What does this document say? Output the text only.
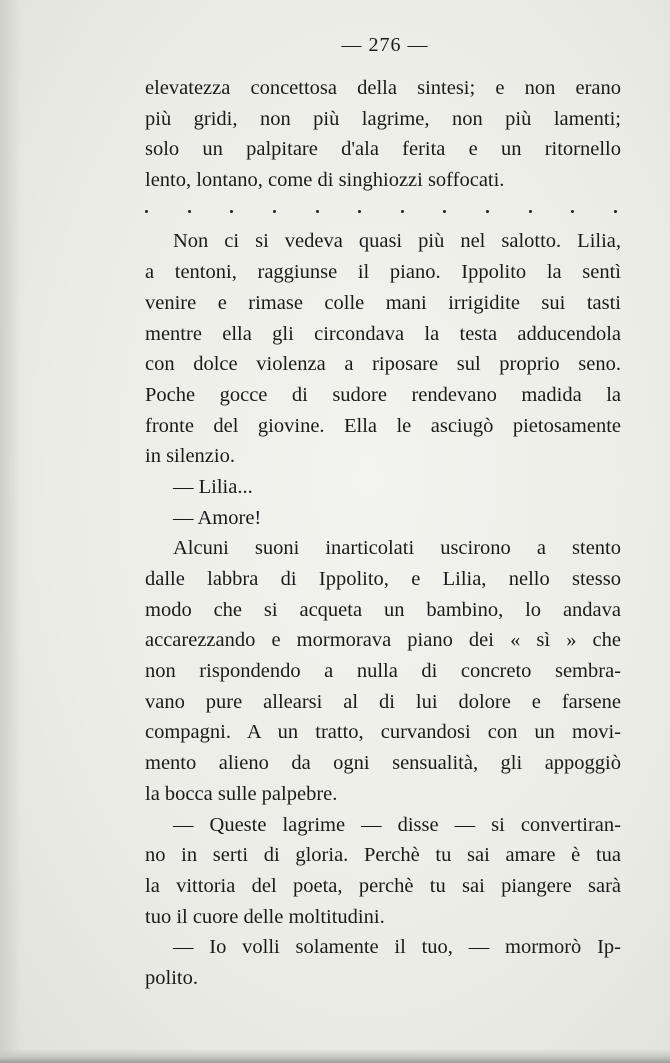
— 276 —
elevatezza concettosa della sintesi; e non erano
più gridi, non più lagrime, non più lamenti;
solo un palpitare d'ala ferita e un ritornello
lento, lontano, come di singhiozzi soffocati.
Non ci si vedeva quasi più nel salotto. Lilia,
a tentoni, raggiunse il piano. Ippolito la sentì
venire e rimase colle mani irrigidite sui tasti
mentre ella gli circondava la testa adducendola
con dolce violenza a riposare sul proprio seno.
Poche gocce di sudore rendevano madida la
fronte del giovine. Ella le asciugò pietosamente
in silenzio.
— Lilia...
— Amore!
Alcuni suoni inarticolati uscirono a stento
dalle labbra di Ippolito, e Lilia, nello stesso
modo che si acqueta un bambino, lo andava
accarezzando e mormorava piano dei « sì » che
non rispondendo a nulla di concreto sembra-
vano pure allearsi al di lui dolore e farsene
compagni. A un tratto, curvandosi con un movi-
mento alieno da ogni sensualità, gli appoggiò
la bocca sulle palpebre.
— Queste lagrime — disse — si convertiran-
no in serti di gloria. Perchè tu sai amare è tua
la vittoria del poeta, perchè tu sai piangere sarà
tuo il cuore delle moltitudini.
— Io volli solamente il tuo, — mormorò Ip-
polito.
